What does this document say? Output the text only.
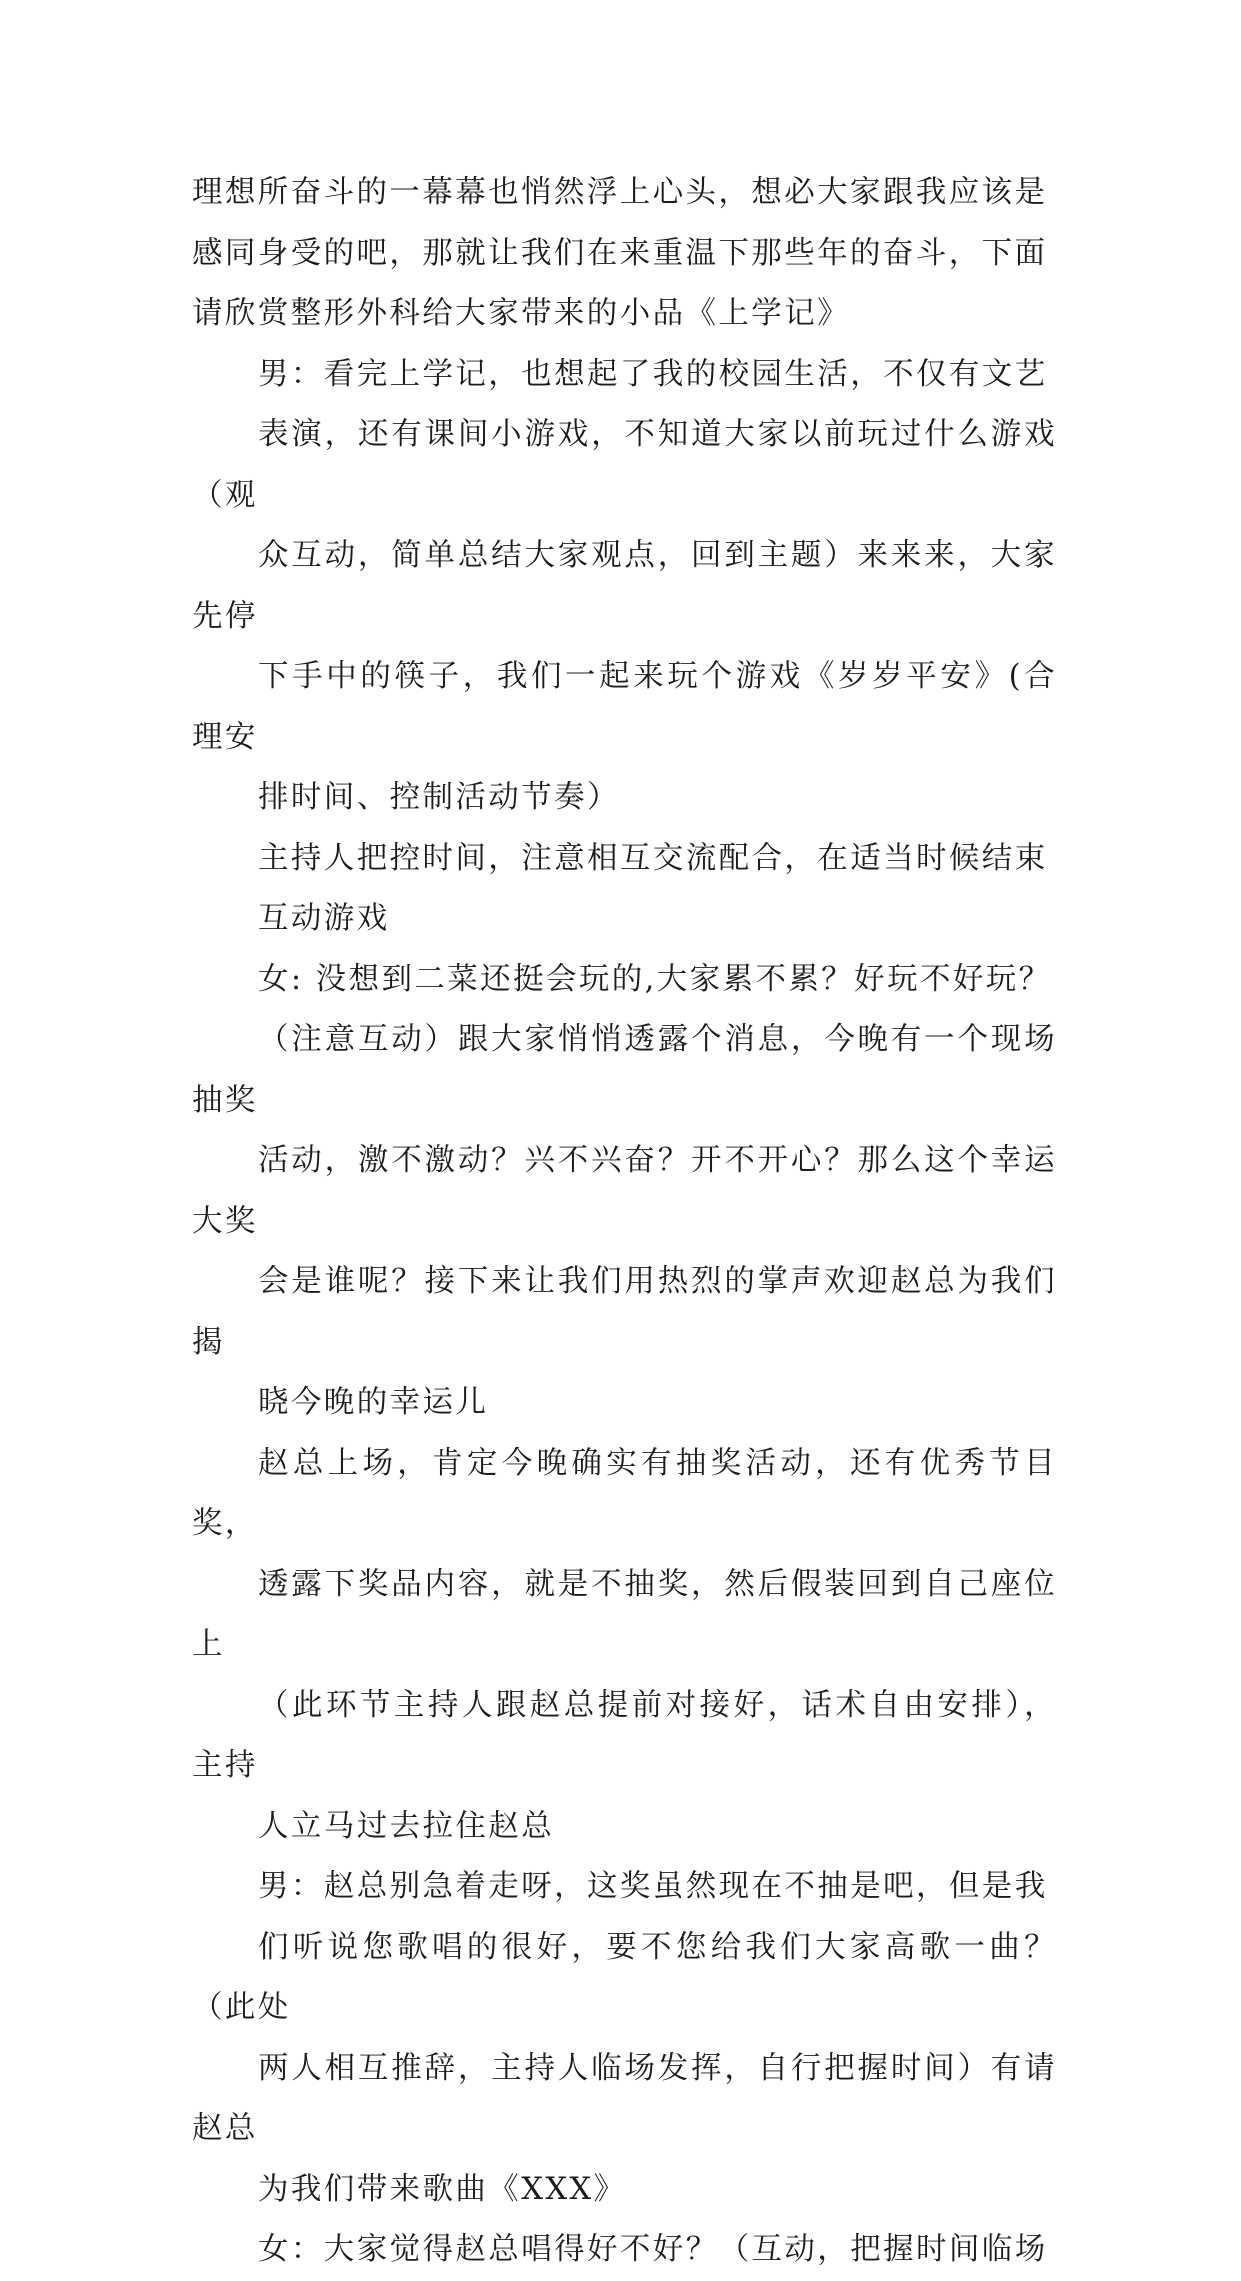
理想所奋斗的一幕幕也悄然浮上心头，想必大家跟我应该是
感同身受的吧，那就让我们在来重温下那些年的奋斗，下面
请欣赏整形外科给大家带来的小品《上学记》

男：看完上学记，也想起了我的校园生活，不仅有文艺
表演，还有课间小游戏，不知道大家以前玩过什么游戏（观
众互动，简单总结大家观点，回到主题）来来来，大家先停
下手中的筷子，我们一起来玩个游戏《岁岁平安》(合理安
排时间、控制活动节奏）

主持人把控时间，注意相互交流配合，在适当时候结束
互动游戏

女: 没想到二菜还挺会玩的,大家累不累？好玩不好玩？
（注意互动）跟大家悄悄透露个消息，今晚有一个现场抽奖
活动，激不激动？兴不兴奋？开不开心？那么这个幸运大奖
会是谁呢？接下来让我们用热烈的掌声欢迎赵总为我们揭
晓今晚的幸运儿

赵总上场，肯定今晚确实有抽奖活动，还有优秀节目奖，
透露下奖品内容，就是不抽奖，然后假装回到自己座位上
（此环节主持人跟赵总提前对接好，话术自由安排），主持
人立马过去拉住赵总

男：赵总别急着走呀，这奖虽然现在不抽是吧，但是我
们听说您歌唱的很好，要不您给我们大家高歌一曲？（此处
两人相互推辞，主持人临场发挥，自行把握时间）有请赵总
为我们带来歌曲《XXX》

女：大家觉得赵总唱得好不好？（互动，把握时间临场
